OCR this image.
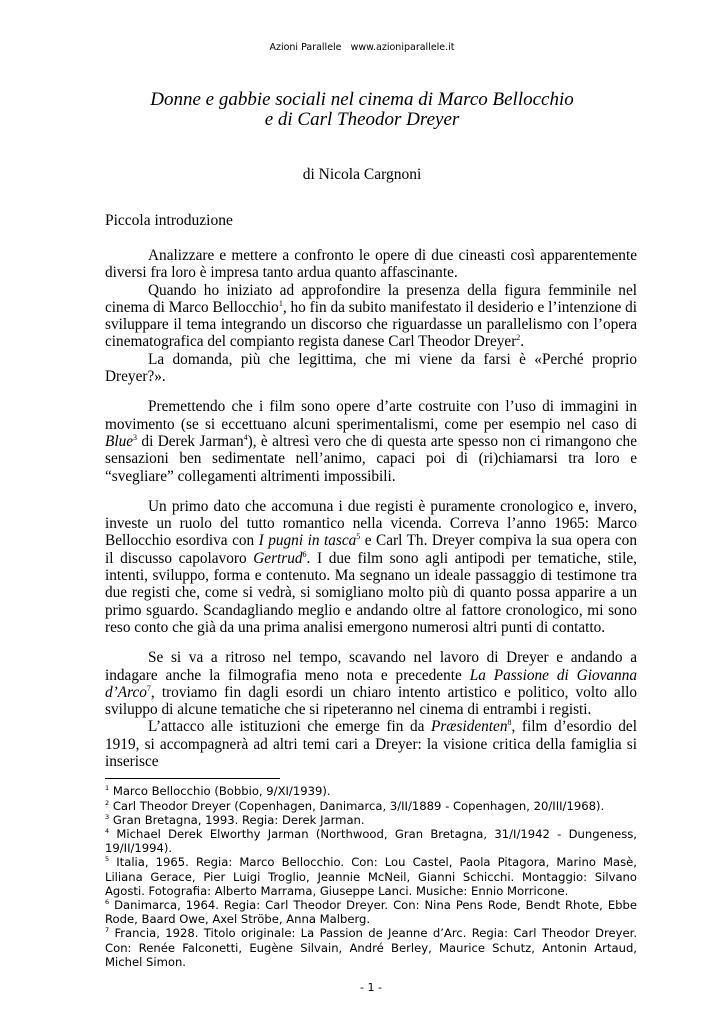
Azioni Parallele   www.azioniparallele.it
Donne e gabbie sociali nel cinema di Marco Bellocchio
e di Carl Theodor Dreyer
di Nicola Cargnoni
Piccola introduzione

Analizzare e mettere a confronto le opere di due cineasti così apparentemente diversi fra loro è impresa tanto ardua quanto affascinante.

Quando ho iniziato ad approfondire la presenza della figura femminile nel cinema di Marco Bellocchio$^1$, ho fin da subito manifestato il desiderio e l’intenzione di sviluppare il tema integrando un discorso che riguardasse un parallelismo con l’opera cinematografica del compianto regista danese Carl Theodor Dreyer$^2$.

La domanda, più che legittima, che mi viene da farsi è «Perché proprio Dreyer?».

Premettendo che i film sono opere d’arte costruite con l’uso di immagini in movimento (se si eccettuano alcuni sperimentalismi, come per esempio nel caso di Blue$^3$ di Derek Jarman$^4$), è altresì vero che di questa arte spesso non ci rimangono che sensazioni ben sedimentate nell’animo, capaci poi di (ri)chiamarsi tra loro e “svegliare” collegamenti altrimenti impossibili.

Un primo dato che accomuna i due registi è puramente cronologico e, invero, investe un ruolo del tutto romantico nella vicenda. Correva l’anno 1965: Marco Bellocchio esordiva con I pugni in tasca$^5$ e Carl Th. Dreyer compiva la sua opera con il discusso capolavoro Gertrud$^6$. I due film sono agli antipodi per tematiche, stile, intenti, sviluppo, forma e contenuto. Ma segnano un ideale passaggio di testimone tra due registi che, come si vedrà, si somigliano molto più di quanto possa apparire a un primo sguardo. Scandagliando meglio e andando oltre al fattore cronologico, mi sono reso conto che già da una prima analisi emergono numerosi altri punti di contatto.

Se si va a ritroso nel tempo, scavando nel lavoro di Dreyer e andando a indagare anche la filmografia meno nota e precedente La Passione di Giovanna d’Arco$^7$, troviamo fin dagli esordi un chiaro intento artistico e politico, volto allo sviluppo di alcune tematiche che si ripeteranno nel cinema di entrambi i registi.

L’attacco alle istituzioni che emerge fin da Præsidenten$^8$, film d’esordio del 1919, si accompagnerà ad altri temi cari a Dreyer: la visione critica della famiglia si inserisce

$^1$ Marco Bellocchio (Bobbio, 9/XI/1939).
$^2$ Carl Theodor Dreyer (Copenhagen, Danimarca, 3/II/1889 - Copenhagen, 20/III/1968).
$^3$ Gran Bretagna, 1993. Regia: Derek Jarman.
$^4$ Michael Derek Elworthy Jarman (Northwood, Gran Bretagna, 31/I/1942 - Dungeness, 19/II/1994).
$^5$ Italia, 1965. Regia: Marco Bellocchio. Con: Lou Castel, Paola Pitagora, Marino Masè, Liliana Gerace, Pier Luigi Troglio, Jeannie McNeil, Gianni Schicchi. Montaggio: Silvano Agosti. Fotografia: Alberto Marrama, Giuseppe Lanci. Musiche: Ennio Morricone.
$^6$ Danimarca, 1964. Regia: Carl Theodor Dreyer. Con: Nina Pens Rode, Bendt Rhote, Ebbe Rode, Baard Owe, Axel Ströbe, Anna Malberg.
$^7$ Francia, 1928. Titolo originale: La Passion de Jeanne d’Arc. Regia: Carl Theodor Dreyer. Con: Renée Falconetti, Eugène Silvain, André Berley, Maurice Schutz, Antonin Artaud, Michel Simon.
- 1 -
